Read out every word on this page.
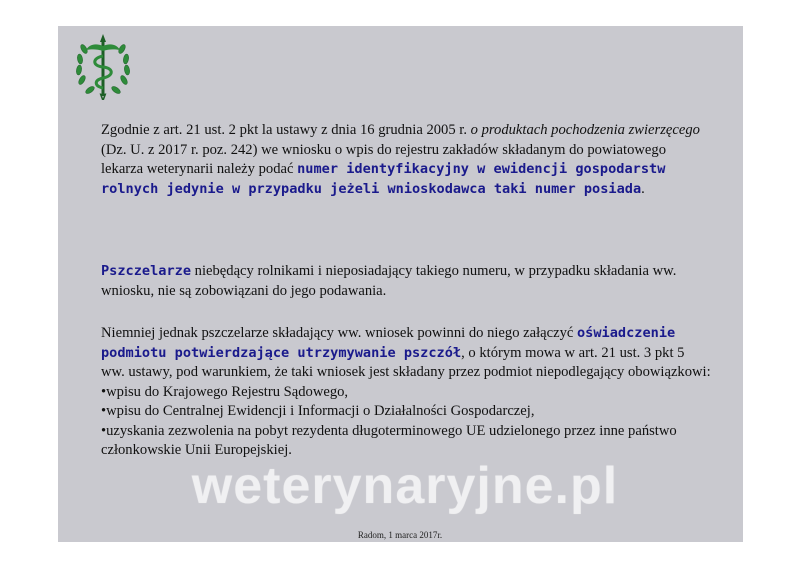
V
Zgodnie z art. 21 ust. 2 pkt la ustawy z dnia 16 grudnia 2005 r. o produktach pochodzenia zwierzęcego (Dz. U. z 2017 r. poz. 242) we wniosku o wpis do rejestru zakładów składanym do powiatowego lekarza weterynarii należy podać numer identyfikacyjny w ewidencji gospodarstw rolnych jedynie w przypadku jeżeli wnioskodawca taki numer posiada.
Pszczelarze niebędący rolnikami i nieposiadający takiego numeru, w przypadku składania ww. wniosku, nie są zobowiązani do jego podawania.
Niemniej jednak pszczelarze składający ww. wniosek powinni do niego załączyć oświadczenie podmiotu potwierdzające utrzymywanie pszczół, o którym mowa w art. 21 ust. 3 pkt 5 ww. ustawy, pod warunkiem, że taki wniosek jest składany przez podmiot niepodlegający obowiązkowi:
•wpisu do Krajowego Rejestru Sądowego,
•wpisu do Centralnej Ewidencji i Informacji o Działalności Gospodarczej,
•uzyskania zezwolenia na pobyt rezydenta długoterminowego UE udzielonego przez inne państwo członkowskie Unii Europejskiej.
weterynaryjne.pl
Radom, 1 marca 2017r.
